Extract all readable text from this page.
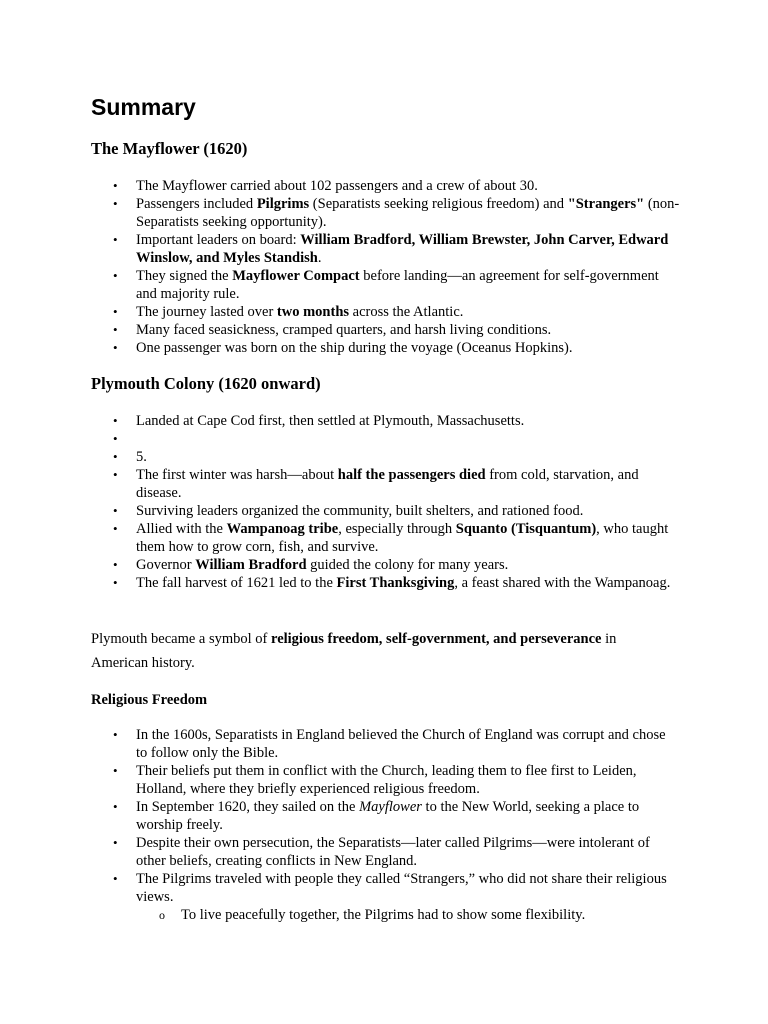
Summary
The Mayflower (1620)
• The Mayflower carried about 102 passengers and a crew of about 30.
• Passengers included Pilgrims (Separatists seeking religious freedom) and "Strangers" (non-Separatists seeking opportunity).
• Important leaders on board: William Bradford, William Brewster, John Carver, Edward Winslow, and Myles Standish.
• They signed the Mayflower Compact before landing—an agreement for self-government and majority rule.
• The journey lasted over two months across the Atlantic.
• Many faced seasickness, cramped quarters, and harsh living conditions.
• One passenger was born on the ship during the voyage (Oceanus Hopkins).
Plymouth Colony (1620 onward)
• Landed at Cape Cod first, then settled at Plymouth, Massachusetts.
•
• 5.
• The first winter was harsh—about half the passengers died from cold, starvation, and disease.
• Surviving leaders organized the community, built shelters, and rationed food.
• Allied with the Wampanoag tribe, especially through Squanto (Tisquantum), who taught them how to grow corn, fish, and survive.
• Governor William Bradford guided the colony for many years.
• The fall harvest of 1621 led to the First Thanksgiving, a feast shared with the Wampanoag.

Plymouth became a symbol of religious freedom, self-government, and perseverance in American history.

Religious Freedom
• In the 1600s, Separatists in England believed the Church of England was corrupt and chose to follow only the Bible.
• Their beliefs put them in conflict with the Church, leading them to flee first to Leiden, Holland, where they briefly experienced religious freedom.
• In September 1620, they sailed on the Mayflower to the New World, seeking a place to worship freely.
• Despite their own persecution, the Separatists—later called Pilgrims—were intolerant of other beliefs, creating conflicts in New England.
• The Pilgrims traveled with people they called “Strangers,” who did not share their religious views.
o To live peacefully together, the Pilgrims had to show some flexibility.
